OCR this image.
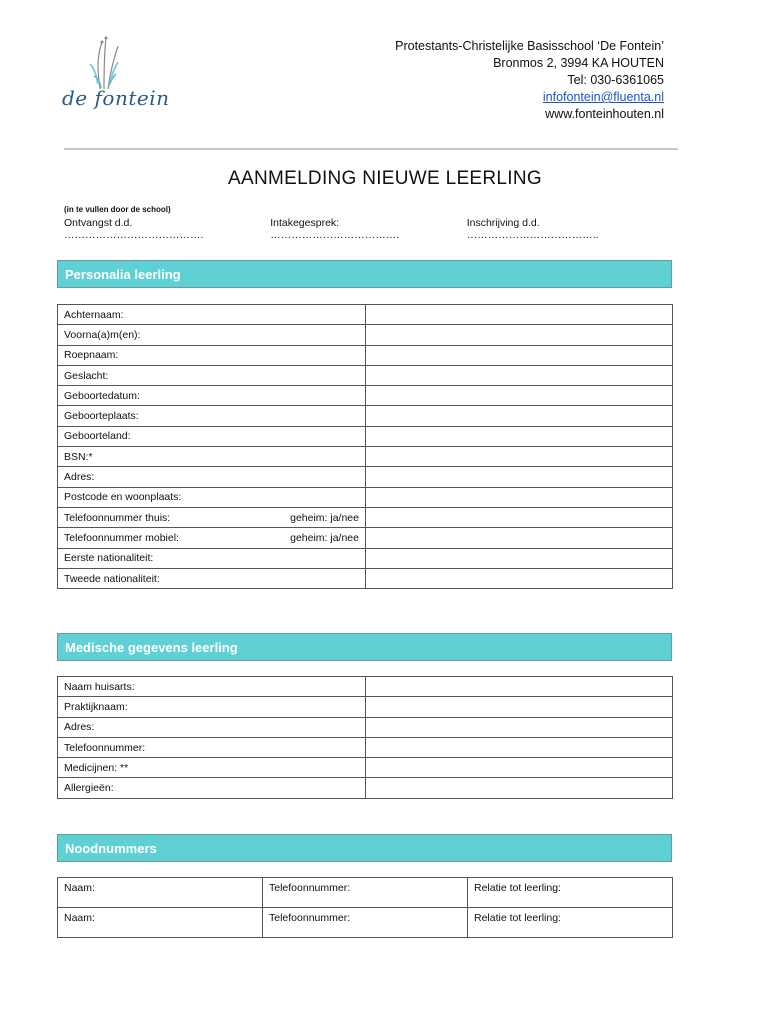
de fontein
Protestants-Christelijke Basisschool ‘De Fontein’
Bronmos 2, 3994 KA HOUTEN
Tel: 030-6361065
infofontein@fluenta.nl
www.fonteinhouten.nl
AANMELDING NIEUWE LEERLING
(in te vullen door de school)
Ontvangst d.d. ………………………………….
Intakegesprek: ……………………………….
Inschrijving d.d. ………………………………..
Personalia leerling
Achternaam:	
Voorna(a)m(en):	
Roepnaam:	
Geslacht:	
Geboortedatum:	
Geboorteplaats:	
Geboorteland:	
BSN:*	
Adres:	
Postcode en woonplaats:	
Telefoonnummer thuis: geheim: ja/nee	

Telefoonnummer mobiel: geheim: ja/nee	

Eerste nationaliteit:	
Tweede nationaliteit:	
Medische gegevens leerling
Naam huisarts:	
Praktijknaam:	
Adres:	
Telefoonnummer:	
Medicijnen: **	
Allergieën:	
Noodnummers
Naam:	Telefoonnummer:	Relatie tot leerling:
Naam:	Telefoonnummer:	Relatie tot leerling:
